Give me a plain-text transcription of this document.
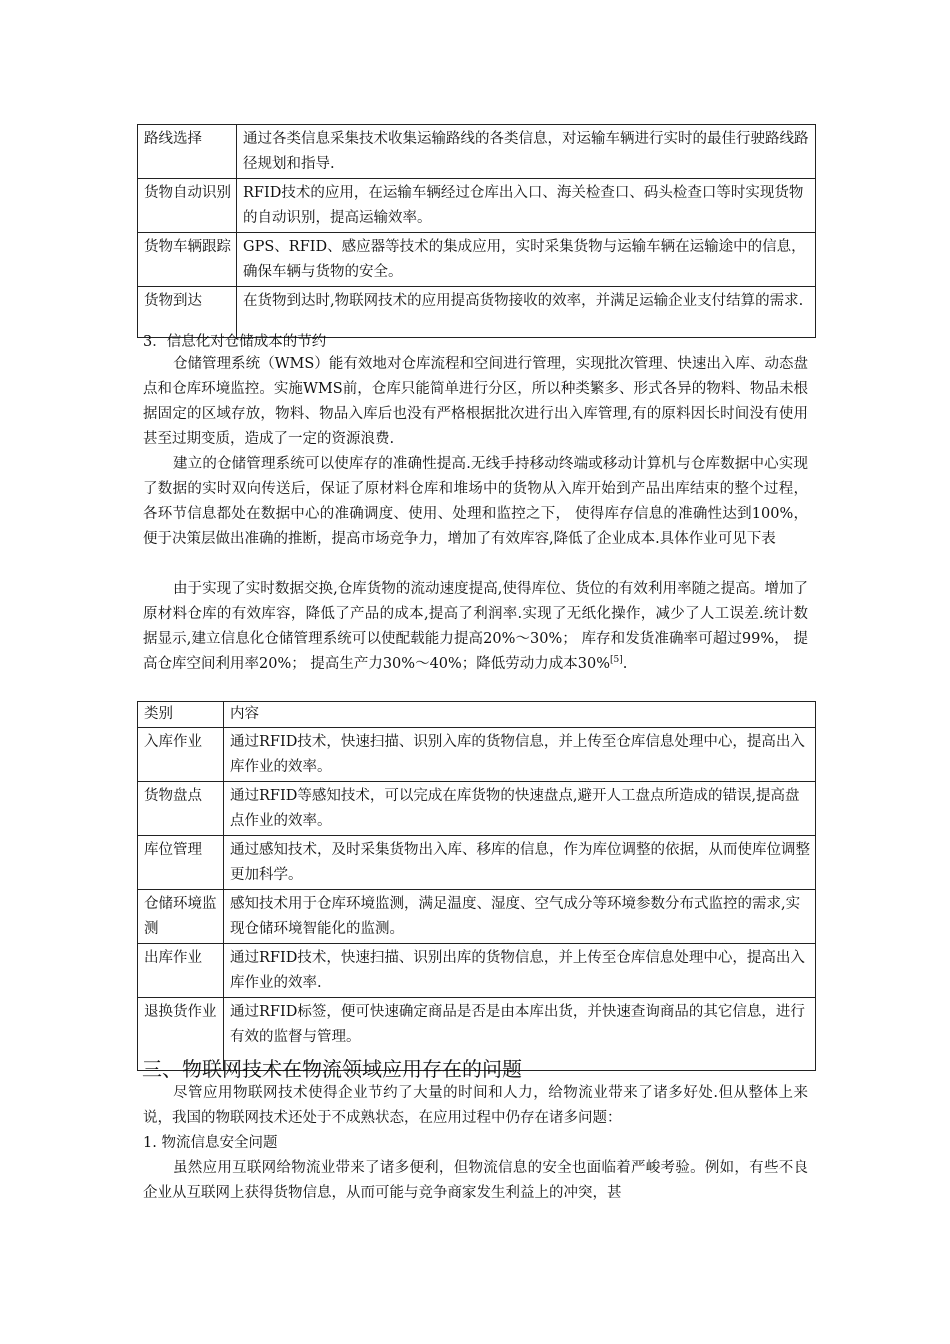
路线选择	通过各类信息采集技术收集运输路线的各类信息，对运输车辆进行实时的最佳行驶路线路径规划和指导.
货物自动识别	RFID技术的应用，在运输车辆经过仓库出入口、海关检查口、码头检查口等时实现货物的自动识别，提高运输效率。
货物车辆跟踪	GPS、RFID、感应器等技术的集成应用，实时采集货物与运输车辆在运输途中的信息，确保车辆与货物的安全。
货物到达	在货物到达时,物联网技术的应用提高货物接收的效率，并满足运输企业支付结算的需求.

3．信息化对仓储成本的节约

仓储管理系统（WMS）能有效地对仓库流程和空间进行管理，实现批次管理、快速出入库、动态盘点和仓库环境监控。实施WMS前，仓库只能简单进行分区，所以种类繁多、形式各异的物料、物品未根据固定的区域存放，物料、物品入库后也没有严格根据批次进行出入库管理,有的原料因长时间没有使用甚至过期变质，造成了一定的资源浪费.

建立的仓储管理系统可以使库存的准确性提高.无线手持移动终端或移动计算机与仓库数据中心实现了数据的实时双向传送后，保证了原材料仓库和堆场中的货物从入库开始到产品出库结束的整个过程，各环节信息都处在数据中心的准确调度、使用、处理和监控之下， 使得库存信息的准确性达到100%，便于决策层做出准确的推断，提高市场竞争力，增加了有效库容,降低了企业成本.具体作业可见下表

由于实现了实时数据交换,仓库货物的流动速度提高,使得库位、货位的有效利用率随之提高。增加了原材料仓库的有效库容，降低了产品的成本,提高了利润率.实现了无纸化操作，减少了人工误差.统计数据显示,建立信息化仓储管理系统可以使配载能力提高20%～30%； 库存和发货准确率可超过99%， 提高仓库空间利用率20%； 提高生产力30%～40%；降低劳动力成本30%[5].

类别	内容
入库作业	通过RFID技术，快速扫描、识别入库的货物信息，并上传至仓库信息处理中心，提高出入库作业的效率。
货物盘点	通过RFID等感知技术，可以完成在库货物的快速盘点,避开人工盘点所造成的错误,提高盘点作业的效率。
库位管理	通过感知技术，及时采集货物出入库、移库的信息，作为库位调整的依据，从而使库位调整更加科学。
仓储环境监测	感知技术用于仓库环境监测，满足温度、湿度、空气成分等环境参数分布式监控的需求,实现仓储环境智能化的监测。
出库作业	通过RFID技术，快速扫描、识别出库的货物信息，并上传至仓库信息处理中心，提高出入库作业的效率.
退换货作业	通过RFID标签，便可快速确定商品是否是由本库出货，并快速查询商品的其它信息，进行有效的监督与管理。
三、物联网技术在物流领域应用存在的问题

尽管应用物联网技术使得企业节约了大量的时间和人力，给物流业带来了诸多好处.但从整体上来说，我国的物联网技术还处于不成熟状态，在应用过程中仍存在诸多问题：

1. 物流信息安全问题

虽然应用互联网给物流业带来了诸多便利，但物流信息的安全也面临着严峻考验。例如，有些不良企业从互联网上获得货物信息，从而可能与竞争商家发生利益上的冲突，甚
